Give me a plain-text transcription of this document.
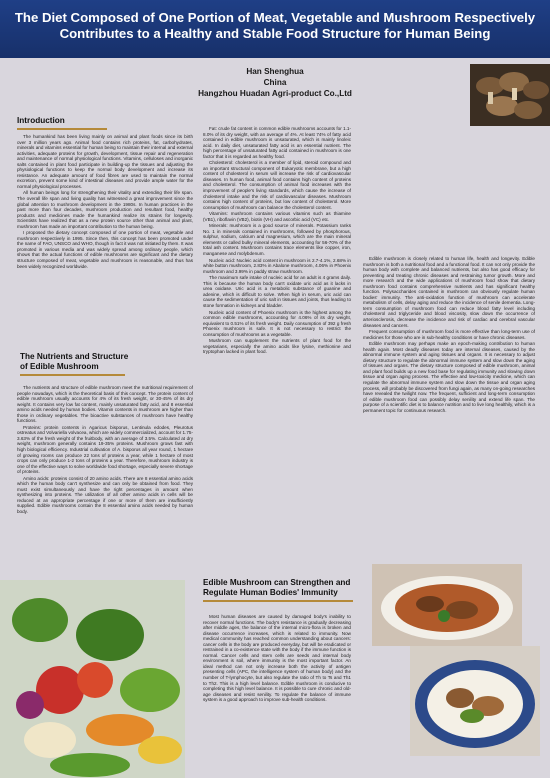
The Diet Composed of One Portion of Meat, Vegetable and Mushroom Respectively
Contributes to a Healthy and Stable Food Structure for Human Being
Han Shenghua
China
Hangzhou Huadan Agri-product Co.,Ltd
Introduction

The humankind has been living mainly on animal and plant foods since its birth over 3 million years ago. Animal food contains rich proteins, fat, carbohydrates, minerals and vitamins essential for human being to maintain their internal and external activities, adequate proteins for growth, development, tissue repair and regeneration and maintenance of normal physiological functions. Vitamins, celluloses and inorganic salts contained in plant food participate in building-up the tissues and adjusting the physiological functions to keep the normal body development and increase its resistance. An adequate amount of food fibres are used to maintain the normal excretion, prevent some kind of intestinal diseases and provide ample water for the normal physiological processes.

All human beings long for strengthening their vitality and extending their life span. The overall life span and living quality has witnessed a great improvement since the global attention to mushroom development in the 1980s. In human practices in the past more than four decades, mushroom production and resultant food, healthy products and medicines made the humankind realize its strains for longevity. Scientists have realized that as a new protein source other than animal and plant, mushroom has made an important contribution to the human being.

I proposed the dietary concept composed of one portion of meat, vegetable and mushroom respectively in 1995. Since then, this concept has been promoted under the name of FAO, UNSCO and WHO, though in fact it was not initiated by them. It was promoted in various media and was widely spread among ordinary people, which shows that the actual functions of edible mushrooms are significant and the dietary structure composed of meat, vegetable and mushroom is reasonable, and thus has been widely recognized worldwide.

The Nutrients and Structure
of Edible Mushroom

The nutrients and structure of edible mushroom meet the nutritional requirement of people nowadays, which is the theoretical basis of this concept. The protein content of edible mushroom usually accounts for 4% of its fresh weight, or 30-45% of its dry weight. It contains very low fat content, mainly unsaturated fatty acid, and 8 essential amino acids needed by human bodies. Vitamin contents in mushroom are higher than those in ordinary vegetables. The bioactive substances of mushroom have healthy functions.

Proteins: protein contents in Agaricus bisporus, Lentinula edodes, Pleurotus ostreatus and Volvariella volvacea, which are widely commercialized, account for 1.75-3.63% of the fresh weight of the fruitbody, with an average of 3.5%. Calculated at dry weight, mushroom generally contains 19-35% proteins. Mushroom grows fast with high biological efficiency. Industrial cultivation of A. bisporus all year round, 1 hectare of growing rooms can produce 22 tons of proteins a year, while 1 hectare of most crops can only produce 1-2 tons of proteins a year. Therefore, mushroom industry is one of the effective ways to solve worldwide food shortage, especially severe shortage of proteins.

Amino acids: proteins consist of 20 amino acids. There are 8 essential amino acids which the human body can't synthesize and can only be obtained from food. They must exist simultaneously and have the right percentages in amount when synthesizing into proteins. The utilization of all other amino acids in cells will be reduced at an appropriate percentage if one or more of them are insufficiently supplied. Edible mushrooms contain the 8 essential amino acids needed by human body.

Fat: crude fat content in common edible mushrooms accounts for 1.1-8.0% of its dry weight, with an average of 4%. At least 74% of fatty acid contained in edible mushroom is unsaturated, which is mainly linoleic acid. In daily diet, unsaturated fatty acid is an essential nutrient. The high percentage of unsaturated fatty acid contained in mushroom is one factor that it is regarded as healthy food.

Cholesterol: cholesterol is a member of lipid, steroid compound and an important structural component of Eukaryotic membrane, but a high content of cholesterol in serum will increase the risk of cardiovascular diseases. In human food, animal food contains high content of proteins and cholesterol. The consumption of animal food increases with the improvement of people's living standards, which cause the increase of cholesterol intake and the risk of cardiovascular diseases. Mushroom contains high content of proteins, but low content of cholesterol. More consumption of mushroom can balance the cholesterol content.

Vitamins: mushroom contains various vitamins such as thiamine (VB1), riboflavin (VB2), biotin (VH) and ascorbic acid (VC) etc.

Minerals: mushroom is a good source of minerals. Potassium ranks No. 1 in minerals contained in mushrooms, followed by phosphorous, sulphur, sodium, calcium and magnesium, which are the main mineral elements or called bulky mineral elements, accounting for 56-70% of the total ash content. Mushroom contains trace elements like copper, iron, manganese and molybdenum.

Nucleic acid: Nucleic acid content in mushroom is 2.7-4.1%, 2.68% in white button mushroom, 2.83% in Abalone mushroom, 4.06% in Phoenix mushroom and 3.99% in paddy straw mushroom.

The maximum safe intake of nucleic acid for an adult is 4 grams daily. This is because the human body can't oxidate uric acid as it lacks in urea oxidase. Uric acid is a metabolic substance of guanine and adenine, which is difficult to solve. When high in serum, uric acid can cause the sedimentation of uric salt in tissues and joints, thus leading to stone formation in kidneys and bladder.

Nucleic acid content of Phoenix mushroom is the highest among the common edible mushrooms, accounting for 4.06% of its dry weight, equivalent to 0.51% of its fresh weight. Daily consumption of 392 g fresh Phoenix mushroom is safe. It is not necessary to restrict the consumption of mushrooms as a vegetable.

Mushroom can supplement the nutrients of plant food for the vegetarians, especially the amino acids like lysine, methionine and tryptophan lacked in plant food.

Edible Mushroom can Strengthen and
Regulate Human Bodies' Immunity

Most human diseases are caused by damaged body's inability to recover normal functions. The body's resistance is gradually decreasing after middle ages, the balance of the internal micro-flora is broken and disease occurrence increases, which is related to immunity. Now medical community has reached common understanding about cancers: cancer cells in the body are produced everyday, but will be eradicated or restrained in a co-existence state with the body if the immune function is normal. Cancer cells and stem cells are seeds and internal body environment is soil, where immunity is the most important factor. An ideal method can not only increase both the activity of antigen presenting cells (APC, the intelligence system of human body) and the number of T-lymphocyte, but also regulate the ratio of Th to Ts and Th1 to Th2. This is a high level balance. Edible mushroom is conducive to completing this high level balance. It is possible to cure chronic and old-age diseases and resist senility. To regulate the balance of immune system is a good approach to improve sub-health conditions.

Edible mushroom is closely related to human life, health and longevity. Edible mushroom is both a nutritional food and a functional food. It can not only provide the human body with complete and balanced nutrients, but also has good efficacy for preventing and treating chronic diseases and restraining tumor growth. More and more research and the wide applications of mushroom food show that dietary mushroom food contains comprehensive nutrients and has significant healthy function. Polysaccharides contained in mushroom can obviously regulate human bodies' immunity. The anti-oxidation function of mushroom can accelerate metabolism of cells, delay aging and reduce the incidence of senile dementia. Long-term consumption of mushroom food can reduce blood fatty level including cholesterol and triglyceride and blood viscosity, slow down the occurrence of arteriosclerosis, decrease the incidence and risk of cardiac and cerebral vascular diseases and cancers.

Frequent consumption of mushroom food is more effective than long-term use of medicines for those who are in sub-healthy conditions or have chronic diseases.

Edible mushroom may perhaps make an epoch-making contribution to human health again. Most deadly diseases today are internal diseases, caused by the abnormal immune system and aging tissues and organs. It is necessary to adjust dietary structure to regulate the abnormal immune system and slow down the aging of tissues and organs. The dietary structure composed of edible mushroom, animal and plant food builds up a new food base for regulating immunity and slowing down tissue and organ aging process. The effective and low-toxicity medicine, which can regulate the abnormal immune system and slow down the tissue and organ aging process, will probably be discovered from fungi again, as many on-going researches have revealed the twilight now. The frequent, sufficient and long-term consumption of edible mushroom food can possibly delay senility and extend life span. The purpose of a scientific diet is to balance nutrition and to live long healthily, which is a permanent topic for continuous research.
